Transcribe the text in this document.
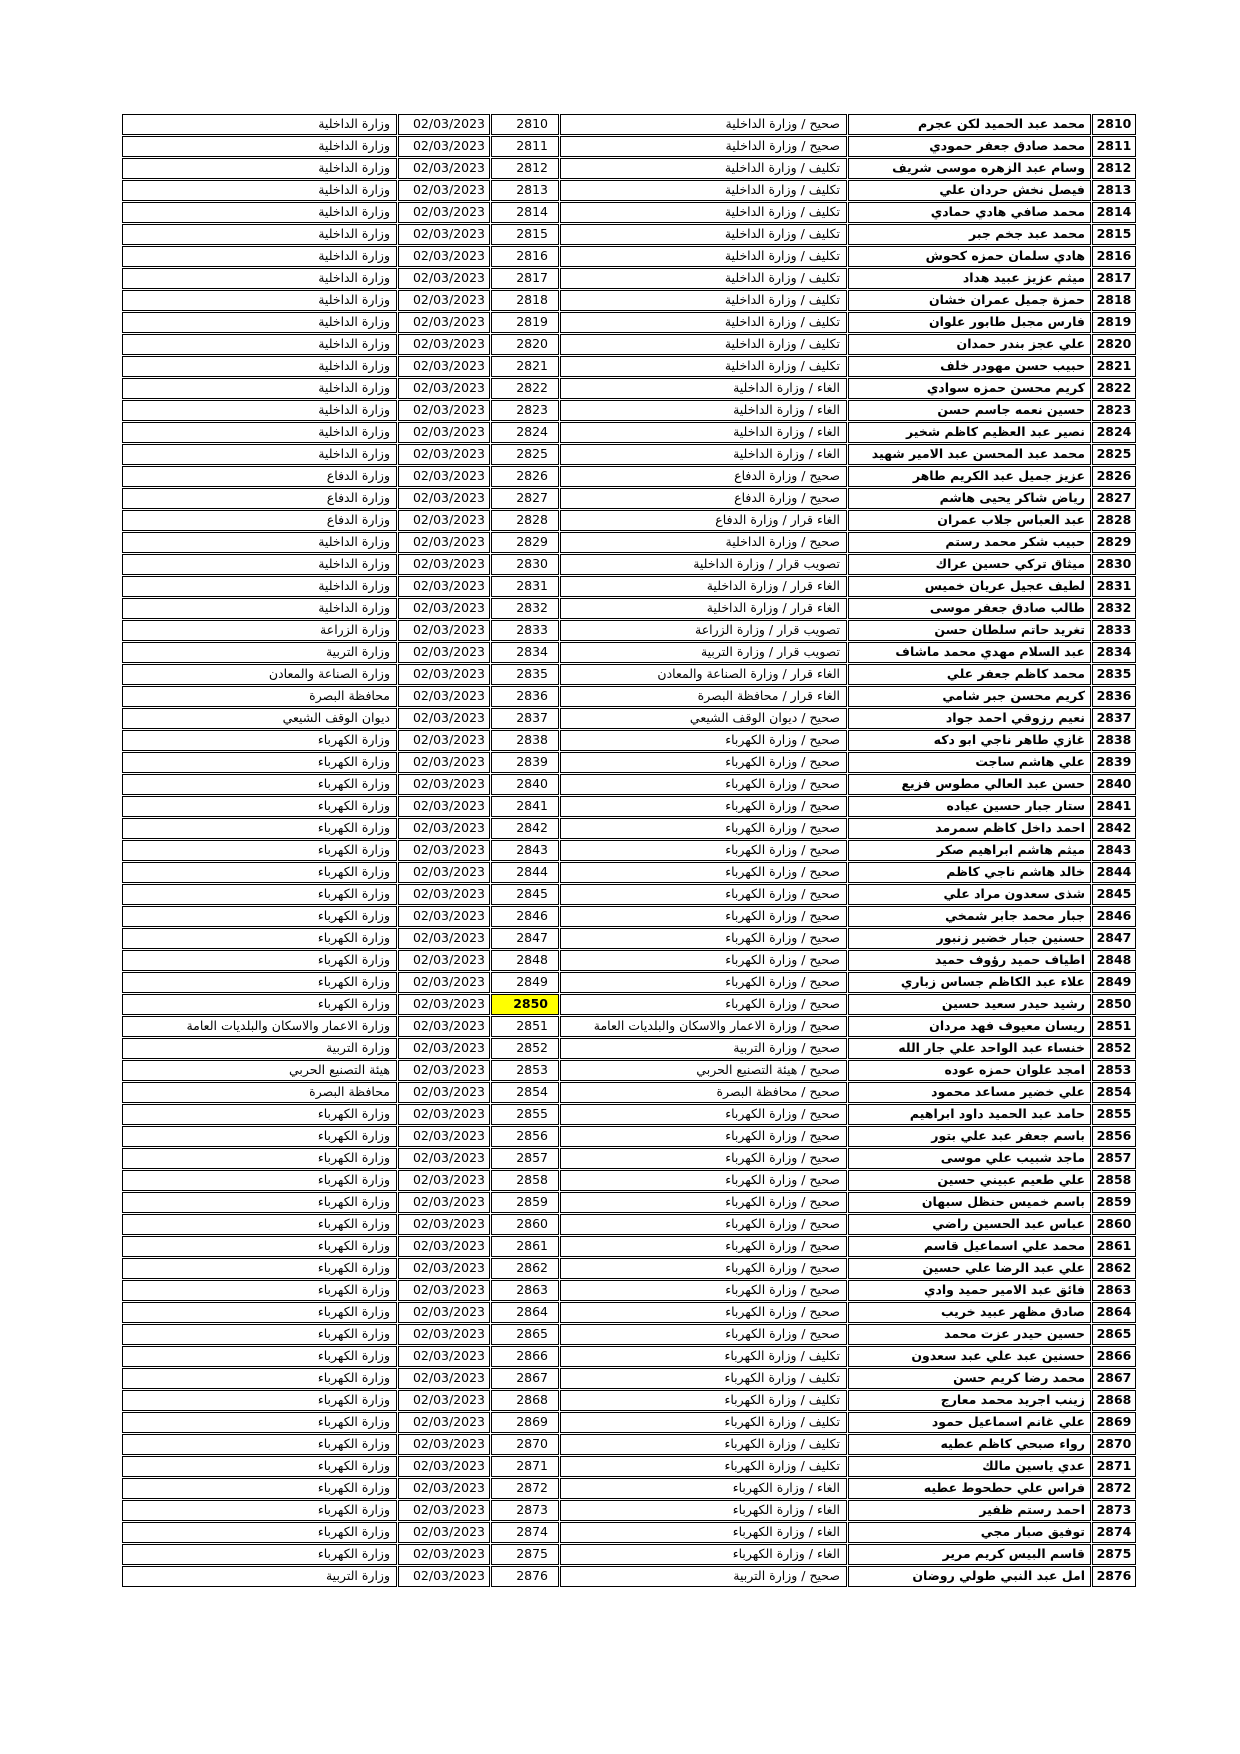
2810	محمد عبد الحميد لكن عجرم	صحيح / وزارة الداخلية	2810	02/03/2023	وزارة الداخلية
2811	محمد صادق جعفر حمودي	صحيح / وزارة الداخلية	2811	02/03/2023	وزارة الداخلية
2812	وسام عبد الزهره موسى شريف	تكليف / وزارة الداخلية	2812	02/03/2023	وزارة الداخلية
2813	فيصل نخش حردان علي	تكليف / وزارة الداخلية	2813	02/03/2023	وزارة الداخلية
2814	محمد صافي هادي حمادي	تكليف / وزارة الداخلية	2814	02/03/2023	وزارة الداخلية
2815	محمد عبد جخم جبر	تكليف / وزارة الداخلية	2815	02/03/2023	وزارة الداخلية
2816	هادي سلمان حمزه كحوش	تكليف / وزارة الداخلية	2816	02/03/2023	وزارة الداخلية
2817	ميثم عزيز عبيد هداد	تكليف / وزارة الداخلية	2817	02/03/2023	وزارة الداخلية
2818	حمزة جميل عمران خشان	تكليف / وزارة الداخلية	2818	02/03/2023	وزارة الداخلية
2819	فارس مجبل طابور علوان	تكليف / وزارة الداخلية	2819	02/03/2023	وزارة الداخلية
2820	علي عجز بندر حمدان	تكليف / وزارة الداخلية	2820	02/03/2023	وزارة الداخلية
2821	حبيب حسن مهودر خلف	تكليف / وزارة الداخلية	2821	02/03/2023	وزارة الداخلية
2822	كريم محسن حمزه سوادي	الغاء / وزارة الداخلية	2822	02/03/2023	وزارة الداخلية
2823	حسين نعمه جاسم حسن	الغاء / وزارة الداخلية	2823	02/03/2023	وزارة الداخلية
2824	نصير عبد العظيم كاظم شخير	الغاء / وزارة الداخلية	2824	02/03/2023	وزارة الداخلية
2825	محمد عبد المحسن عبد الامير شهيد	الغاء / وزارة الداخلية	2825	02/03/2023	وزارة الداخلية
2826	عزيز جميل عبد الكريم طاهر	صحيح / وزارة الدفاع	2826	02/03/2023	وزارة الدفاع
2827	رياض شاكر يحيى هاشم	صحيح / وزارة الدفاع	2827	02/03/2023	وزارة الدفاع
2828	عبد العباس جلاب عمران	الغاء قرار / وزارة الدفاع	2828	02/03/2023	وزارة الدفاع
2829	حبيب شكر محمد رستم	صحيح / وزارة الداخلية	2829	02/03/2023	وزارة الداخلية
2830	ميثاق تركي حسين عراك	تصويب قرار / وزارة الداخلية	2830	02/03/2023	وزارة الداخلية
2831	لطيف عجيل عريان خميس	الغاء قرار / وزارة الداخلية	2831	02/03/2023	وزارة الداخلية
2832	طالب صادق جعفر موسى	الغاء قرار / وزارة الداخلية	2832	02/03/2023	وزارة الداخلية
2833	تغريد حاتم سلطان حسن	تصويب قرار / وزارة الزراعة	2833	02/03/2023	وزارة الزراعة
2834	عبد السلام مهدي محمد ماشاف	تصويب قرار / وزارة التربية	2834	02/03/2023	وزارة التربية
2835	محمد كاظم جعفر علي	الغاء قرار / وزارة الصناعة والمعادن	2835	02/03/2023	وزارة الصناعة والمعادن
2836	كريم محسن جبر شامي	الغاء قرار / محافظة البصرة	2836	02/03/2023	محافظة البصرة
2837	نعيم رزوقي احمد جواد	صحيح / ديوان الوقف الشيعي	2837	02/03/2023	ديوان الوقف الشيعي
2838	غازي طاهر ناجي ابو دكه	صحيح / وزارة الكهرباء	2838	02/03/2023	وزارة الكهرباء
2839	علي هاشم ساجت	صحيح / وزارة الكهرباء	2839	02/03/2023	وزارة الكهرباء
2840	حسن عبد العالي مطوس فزيع	صحيح / وزارة الكهرباء	2840	02/03/2023	وزارة الكهرباء
2841	ستار جبار حسين عياده	صحيح / وزارة الكهرباء	2841	02/03/2023	وزارة الكهرباء
2842	احمد داخل كاظم سمرمد	صحيح / وزارة الكهرباء	2842	02/03/2023	وزارة الكهرباء
2843	ميثم هاشم ابراهيم صكر	صحيح / وزارة الكهرباء	2843	02/03/2023	وزارة الكهرباء
2844	خالد هاشم ناجي كاظم	صحيح / وزارة الكهرباء	2844	02/03/2023	وزارة الكهرباء
2845	شذى سعدون مراد علي	صحيح / وزارة الكهرباء	2845	02/03/2023	وزارة الكهرباء
2846	جبار محمد جابر شمخي	صحيح / وزارة الكهرباء	2846	02/03/2023	وزارة الكهرباء
2847	حسنين جبار خضير زنبور	صحيح / وزارة الكهرباء	2847	02/03/2023	وزارة الكهرباء
2848	اطياف حميد رؤوف حميد	صحيح / وزارة الكهرباء	2848	02/03/2023	وزارة الكهرباء
2849	علاء عبد الكاظم جساس زباري	صحيح / وزارة الكهرباء	2849	02/03/2023	وزارة الكهرباء
2850	رشيد حيدر سعيد حسين	صحيح / وزارة الكهرباء	2850	02/03/2023	وزارة الكهرباء
2851	ريسان معيوف فهد مردان	صحيح / وزارة الاعمار والاسكان والبلديات العامة	2851	02/03/2023	وزارة الاعمار والاسكان والبلديات العامة
2852	خنساء عبد الواحد علي جار الله	صحيح / وزارة التربية	2852	02/03/2023	وزارة التربية
2853	امجد علوان حمزه عوده	صحيح / هيئة التصنيع الحربي	2853	02/03/2023	هيئة التصنيع الحربي
2854	علي خضير مساعد محمود	صحيح / محافظة البصرة	2854	02/03/2023	محافظة البصرة
2855	حامد عبد الحميد داود ابراهيم	صحيح / وزارة الكهرباء	2855	02/03/2023	وزارة الكهرباء
2856	باسم جعفر عبد علي بتور	صحيح / وزارة الكهرباء	2856	02/03/2023	وزارة الكهرباء
2857	ماجد شبيب علي موسى	صحيح / وزارة الكهرباء	2857	02/03/2023	وزارة الكهرباء
2858	علي طعيم عبيني حسين	صحيح / وزارة الكهرباء	2858	02/03/2023	وزارة الكهرباء
2859	باسم خميس حنظل سبهان	صحيح / وزارة الكهرباء	2859	02/03/2023	وزارة الكهرباء
2860	عباس عبد الحسين راضي	صحيح / وزارة الكهرباء	2860	02/03/2023	وزارة الكهرباء
2861	محمد علي اسماعيل قاسم	صحيح / وزارة الكهرباء	2861	02/03/2023	وزارة الكهرباء
2862	علي عبد الرضا علي حسين	صحيح / وزارة الكهرباء	2862	02/03/2023	وزارة الكهرباء
2863	فائق عبد الامير حميد وادي	صحيح / وزارة الكهرباء	2863	02/03/2023	وزارة الكهرباء
2864	صادق مظهر عبيد خريب	صحيح / وزارة الكهرباء	2864	02/03/2023	وزارة الكهرباء
2865	حسين حيدر عزت محمد	صحيح / وزارة الكهرباء	2865	02/03/2023	وزارة الكهرباء
2866	حسنين عبد علي عبد سعدون	تكليف / وزارة الكهرباء	2866	02/03/2023	وزارة الكهرباء
2867	محمد رضا كريم حسن	تكليف / وزارة الكهرباء	2867	02/03/2023	وزارة الكهرباء
2868	زينب اجريد محمد معارج	تكليف / وزارة الكهرباء	2868	02/03/2023	وزارة الكهرباء
2869	علي غانم اسماعيل حمود	تكليف / وزارة الكهرباء	2869	02/03/2023	وزارة الكهرباء
2870	رواء صبحي كاظم عطيه	تكليف / وزارة الكهرباء	2870	02/03/2023	وزارة الكهرباء
2871	عدي ياسين مالك	تكليف / وزارة الكهرباء	2871	02/03/2023	وزارة الكهرباء
2872	فراس علي حطحوط عطيه	الغاء / وزارة الكهرباء	2872	02/03/2023	وزارة الكهرباء
2873	احمد رستم ظفير	الغاء / وزارة الكهرباء	2873	02/03/2023	وزارة الكهرباء
2874	توفيق صبار مجي	الغاء / وزارة الكهرباء	2874	02/03/2023	وزارة الكهرباء
2875	قاسم البيس كريم مرير	الغاء / وزارة الكهرباء	2875	02/03/2023	وزارة الكهرباء
2876	امل عبد النبي طولي روضان	صحيح / وزارة التربية	2876	02/03/2023	وزارة التربية
